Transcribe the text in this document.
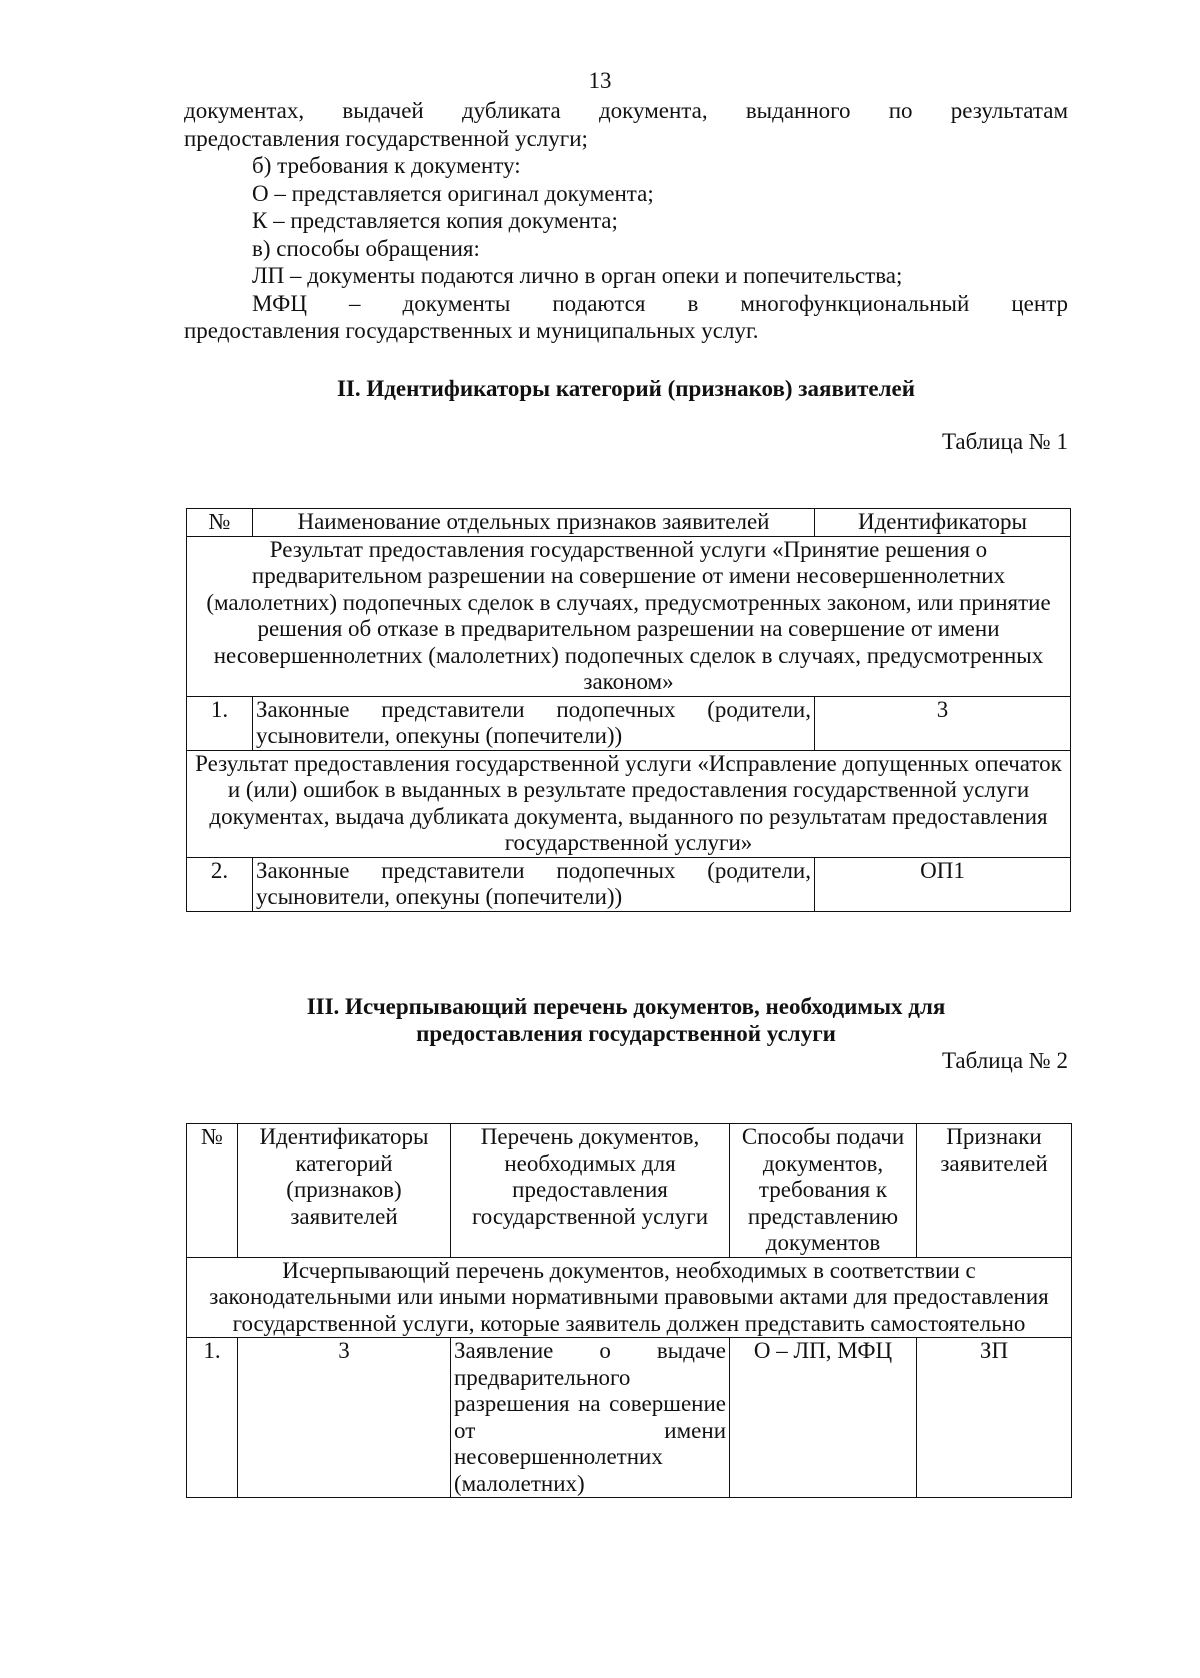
13

документах, выдачей дубликата документа, выданного по результатам

предоставления государственной услуги;

б) требования к документу:

О – представляется оригинал документа;

К – представляется копия документа;

в) способы обращения:

ЛП – документы подаются лично в орган опеки и попечительства;

МФЦ – документы подаются в многофункциональный центр

предоставления государственных и муниципальных услуг.

II. Идентификаторы категорий (признаков) заявителей
Таблица № 1
№	Наименование отдельных признаков заявителей	Идентификаторы
Результат предоставления государственной услуги «Принятие решения о предварительном разрешении на совершение от имени несовершеннолетних (малолетних) подопечных сделок в случаях, предусмотренных законом, или принятие решения об отказе в предварительном разрешении на совершение от имени несовершеннолетних (малолетних) подопечных сделок в случаях, предусмотренных законом»		
1.	Законные представители подопечных (родители, усыновители, опекуны (попечители))	3
Результат предоставления государственной услуги «Исправление допущенных опечаток и (или) ошибок в выданных в результате предоставления государственной услуги документах, выдача дубликата документа, выданного по результатам предоставления государственной услуги»		
2.	Законные представители подопечных (родители, усыновители, опекуны (попечители))	ОП1
III. Исчерпывающий перечень документов, необходимых для
предоставления государственной услуги
Таблица № 2
№	Идентификаторы категорий (признаков) заявителей	Перечень документов, необходимых для предоставления государственной услуги	Способы подачи документов, требования к представлению документов	Признаки заявителей
Исчерпывающий перечень документов, необходимых в соответствии с законодательными или иными нормативными правовыми актами для предоставления государственной услуги, которые заявитель должен представить самостоятельно				
1.	3	Заявление о выдаче предварительного разрешения на совершение от имени несовершеннолетних (малолетних)	О – ЛП, МФЦ	ЗП
